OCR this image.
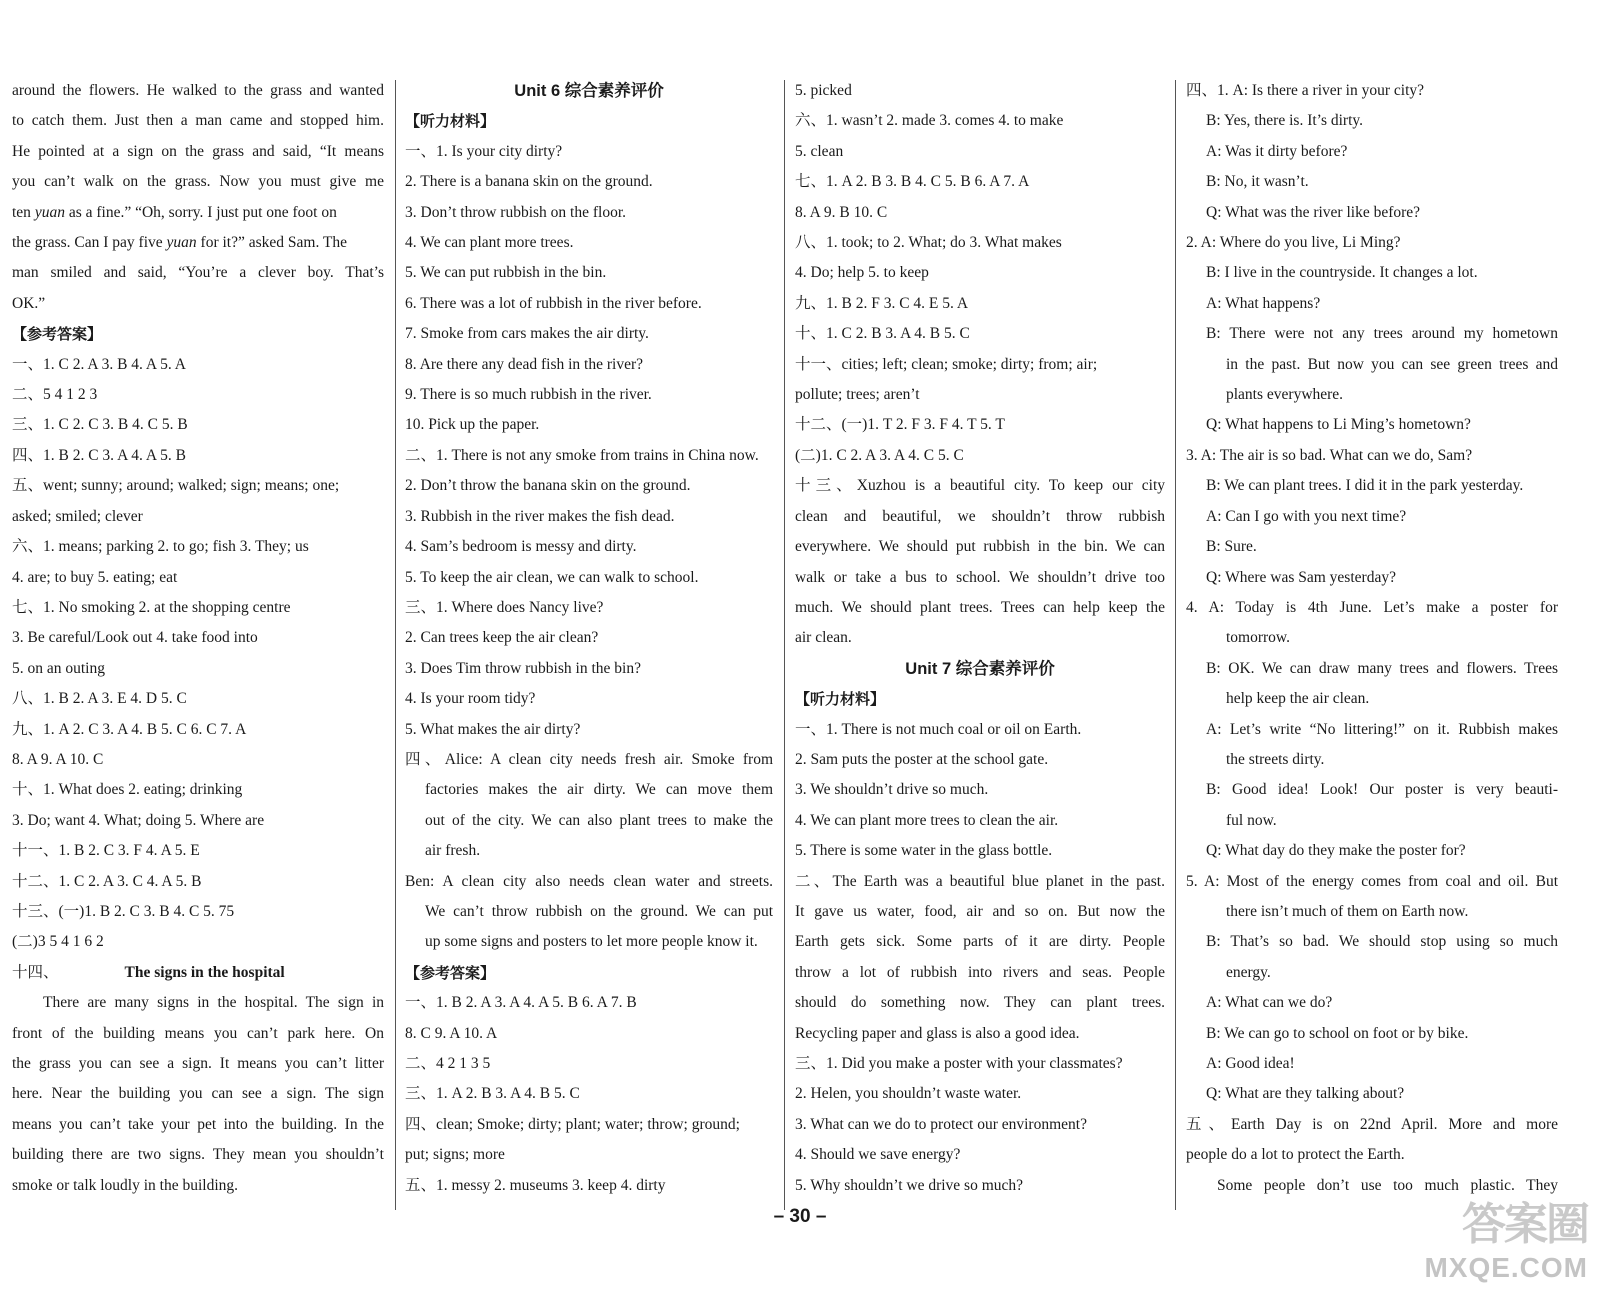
around the flowers. He walked to the grass and wanted
to catch them. Just then a man came and stopped him.
He pointed at a sign on the grass and said, “It means
you can’t walk on the grass. Now you must give me
ten yuan as a fine.” “Oh, sorry. I just put one foot on
the grass. Can I pay five yuan for it?” asked Sam. The
man smiled and said, “You’re a clever boy. That’s
OK.”
【参考答案】
一、1. C 2. A 3. B 4. A 5. A
二、5 4 1 2 3
三、1. C 2. C 3. B 4. C 5. B
四、1. B 2. C 3. A 4. A 5. B
五、went; sunny; around; walked; sign; means; one;
asked; smiled; clever
六、1. means; parking 2. to go; fish 3. They; us
4. are; to buy 5. eating; eat
七、1. No smoking 2. at the shopping centre
3. Be careful/Look out 4. take food into
5. on an outing
八、1. B 2. A 3. E 4. D 5. C
九、1. A 2. C 3. A 4. B 5. C 6. C 7. A
8. A 9. A 10. C
十、1. What does 2. eating; drinking
3. Do; want 4. What; doing 5. Where are
十一、1. B 2. C 3. F 4. A 5. E
十二、1. C 2. A 3. C 4. A 5. B
十三、(一)1. B 2. C 3. B 4. C 5. 75
(二)3 5 4 1 6 2
十四、	The signs in the hospital
There are many signs in the hospital. The sign in
front of the building means you can’t park here. On
the grass you can see a sign. It means you can’t litter
here. Near the building you can see a sign. The sign
means you can’t take your pet into the building. In the
building there are two signs. They mean you shouldn’t
smoke or talk loudly in the building.
Unit 6 综合素养评价
【听力材料】
一、1. Is your city dirty?
2. There is a banana skin on the ground.
3. Don’t throw rubbish on the floor.
4. We can plant more trees.
5. We can put rubbish in the bin.
6. There was a lot of rubbish in the river before.
7. Smoke from cars makes the air dirty.
8. Are there any dead fish in the river?
9. There is so much rubbish in the river.
10. Pick up the paper.
二、1. There is not any smoke from trains in China now.
2. Don’t throw the banana skin on the ground.
3. Rubbish in the river makes the fish dead.
4. Sam’s bedroom is messy and dirty.
5. To keep the air clean, we can walk to school.
三、1. Where does Nancy live?
2. Can trees keep the air clean?
3. Does Tim throw rubbish in the bin?
4. Is your room tidy?
5. What makes the air dirty?
四、Alice: A clean city needs fresh air. Smoke from
factories makes the air dirty. We can move them
out of the city. We can also plant trees to make the
air fresh.
Ben: A clean city also needs clean water and streets.
We can’t throw rubbish on the ground. We can put
up some signs and posters to let more people know it.
【参考答案】
一、1. B 2. A 3. A 4. A 5. B 6. A 7. B
8. C 9. A 10. A
二、4 2 1 3 5
三、1. A 2. B 3. A 4. B 5. C
四、clean; Smoke; dirty; plant; water; throw; ground;
put; signs; more
五、1. messy 2. museums 3. keep 4. dirty
5. picked
六、1. wasn’t 2. made 3. comes 4. to make
5. clean
七、1. A 2. B 3. B 4. C 5. B 6. A 7. A
8. A 9. B 10. C
八、1. took; to 2. What; do 3. What makes
4. Do; help 5. to keep
九、1. B 2. F 3. C 4. E 5. A
十、1. C 2. B 3. A 4. B 5. C
十一、cities; left; clean; smoke; dirty; from; air;
pollute; trees; aren’t
十二、(一)1. T 2. F 3. F 4. T 5. T
(二)1. C 2. A 3. A 4. C 5. C
十三、Xuzhou is a beautiful city. To keep our city
clean and beautiful, we shouldn’t throw rubbish
everywhere. We should put rubbish in the bin. We can
walk or take a bus to school. We shouldn’t drive too
much. We should plant trees. Trees can help keep the
air clean.
Unit 7 综合素养评价
【听力材料】
一、1. There is not much coal or oil on Earth.
2. Sam puts the poster at the school gate.
3. We shouldn’t drive so much.
4. We can plant more trees to clean the air.
5. There is some water in the glass bottle.
二、The Earth was a beautiful blue planet in the past.
It gave us water, food, air and so on. But now the
Earth gets sick. Some parts of it are dirty. People
throw a lot of rubbish into rivers and seas. People
should do something now. They can plant trees.
Recycling paper and glass is also a good idea.
三、1. Did you make a poster with your classmates?
2. Helen, you shouldn’t waste water.
3. What can we do to protect our environment?
4. Should we save energy?
5. Why shouldn’t we drive so much?
四、1. A: Is there a river in your city?
B: Yes, there is. It’s dirty.
A: Was it dirty before?
B: No, it wasn’t.
Q: What was the river like before?
2. A: Where do you live, Li Ming?
B: I live in the countryside. It changes a lot.
A: What happens?
B: There were not any trees around my hometown
in the past. But now you can see green trees and
plants everywhere.
Q: What happens to Li Ming’s hometown?
3. A: The air is so bad. What can we do, Sam?
B: We can plant trees. I did it in the park yesterday.
A: Can I go with you next time?
B: Sure.
Q: Where was Sam yesterday?
4. A: Today is 4th June. Let’s make a poster for
tomorrow.
B: OK. We can draw many trees and flowers. Trees
help keep the air clean.
A: Let’s write “No littering!” on it. Rubbish makes
the streets dirty.
B: Good idea! Look! Our poster is very beauti-
ful now.
Q: What day do they make the poster for?
5. A: Most of the energy comes from coal and oil. But
there isn’t much of them on Earth now.
B: That’s so bad. We should stop using so much
energy.
A: What can we do?
B: We can go to school on foot or by bike.
A: Good idea!
Q: What are they talking about?
五、Earth Day is on 22nd April. More and more
people do a lot to protect the Earth.
Some people don’t use too much plastic. They
– 30 –	答案圈
MXQE.COM
